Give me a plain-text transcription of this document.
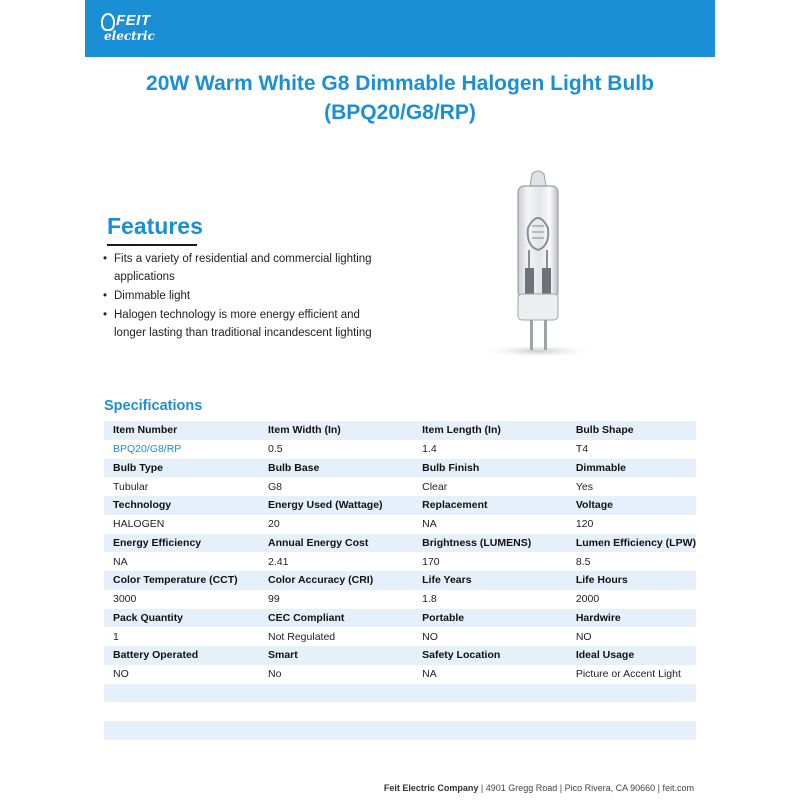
FEIT
electric
20W Warm White G8 Dimmable Halogen Light Bulb
(BPQ20/G8/RP)
Features
• Fits a variety of residential and commercial lighting applications
• Dimmable light
• Halogen technology is more energy efficient and longer lasting than traditional incandescent lighting
Specifications
Item Number	Item Width (In)	Item Length (In)	Bulb Shape
BPQ20/G8/RP	0.5	1.4	T4
Bulb Type	Bulb Base	Bulb Finish	Dimmable
Tubular	G8	Clear	Yes
Technology	Energy Used (Wattage)	Replacement	Voltage
HALOGEN	20	NA	120
Energy Efficiency	Annual Energy Cost	Brightness (LUMENS)	Lumen Efficiency (LPW)
NA	2.41	170	8.5
Color Temperature (CCT)	Color Accuracy (CRI)	Life Years	Life Hours
3000	99	1.8	2000
Pack Quantity	CEC Compliant	Portable	Hardwire
1	Not Regulated	NO	NO
Battery Operated	Smart	Safety Location	Ideal Usage
NO	No	NA	Picture or Accent Light

Feit Electric Company | 4901 Gregg Road | Pico Rivera, CA 90660 | feit.com
